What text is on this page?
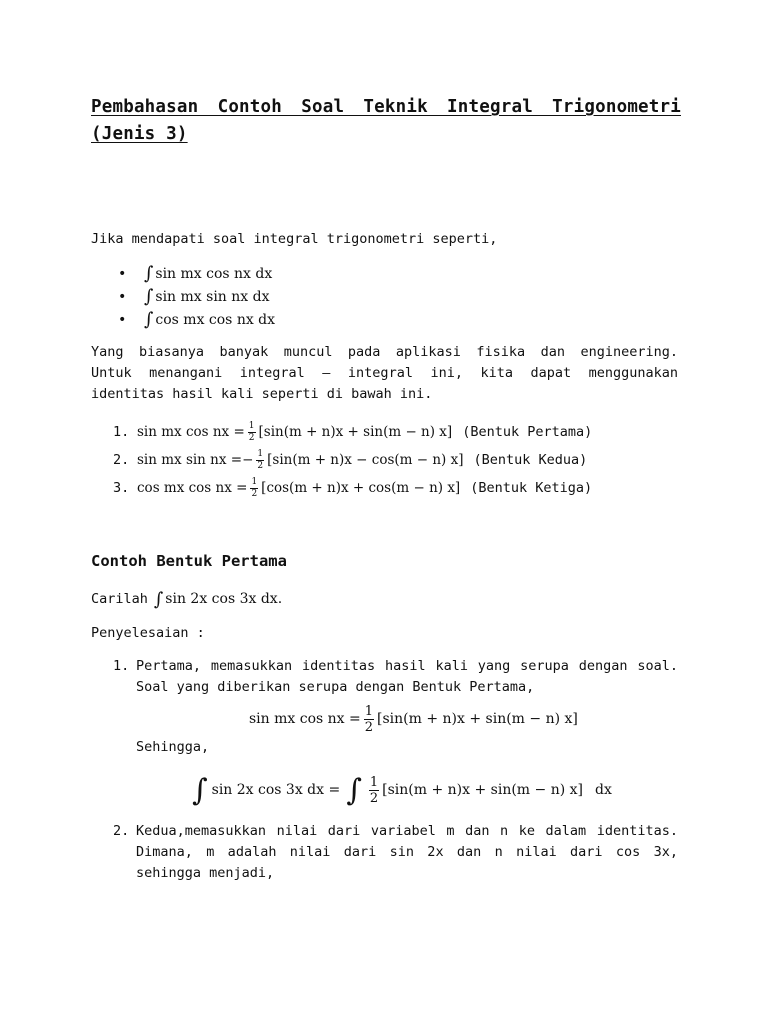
Pembahasan Contoh Soal Teknik Integral Trigonometri
(Jenis 3)
Jika mendapati soal integral trigonometri seperti,
• ∫ sin mx cos nx dx
• ∫ sin mx sin nx dx
• ∫ cos mx cos nx dx
Yang biasanya banyak muncul pada aplikasi fisika dan engineering.
Untuk menangani integral – integral ini, kita dapat menggunakan
identitas hasil kali seperti di bawah ini.
1. sin mx cos nx = $\frac{1}{2} [\sin(m + n)x + \sin(m - n)$ x] (Bentuk Pertama)
2. sin mx sin nx = − $\frac{1}{2} [\sin(m + n)x - \cos(m - n)$ x] (Bentuk Kedua)
3. cos mx cos nx = $\frac{1}{2} [\cos(m + n)x + \cos(m - n)$ x] (Bentuk Ketiga)
Contoh Bentuk Pertama
Carilah ∫ sin 2x cos 3x dx.
Penyelesaian :
1. Pertama, memasukkan identitas hasil kali yang serupa dengan soal.
Soal yang diberikan serupa dengan Bentuk Pertama,
sin mx cos nx = $\frac{1}{2} [\sin(m + n)x + \sin(m - n)$ x]
Sehingga,
∫ sin 2x cos 3x dx = ∫ $\frac{1}{2} [\sin(m + n)x + \sin(m - n)$ x] dx
2. Kedua,memasukkan nilai dari variabel m dan n ke dalam identitas.
Dimana, m adalah nilai dari sin 2x dan n nilai dari cos 3x,
sehingga menjadi,
